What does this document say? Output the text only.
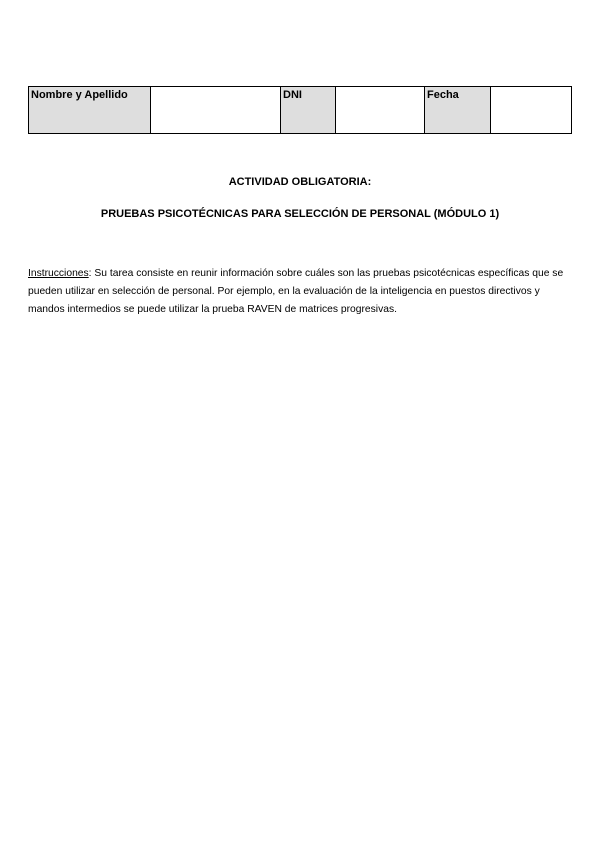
Nombre y Apellido		DNI		Fecha	
ACTIVIDAD OBLIGATORIA:
PRUEBAS PSICOTÉCNICAS PARA SELECCIÓN DE PERSONAL (MÓDULO 1)
Instrucciones: Su tarea consiste en reunir información sobre cuáles son las pruebas psicotécnicas específicas que se pueden utilizar en selección de personal. Por ejemplo, en la evaluación de la inteligencia en puestos directivos y mandos intermedios se puede utilizar la prueba RAVEN de matrices progresivas.
